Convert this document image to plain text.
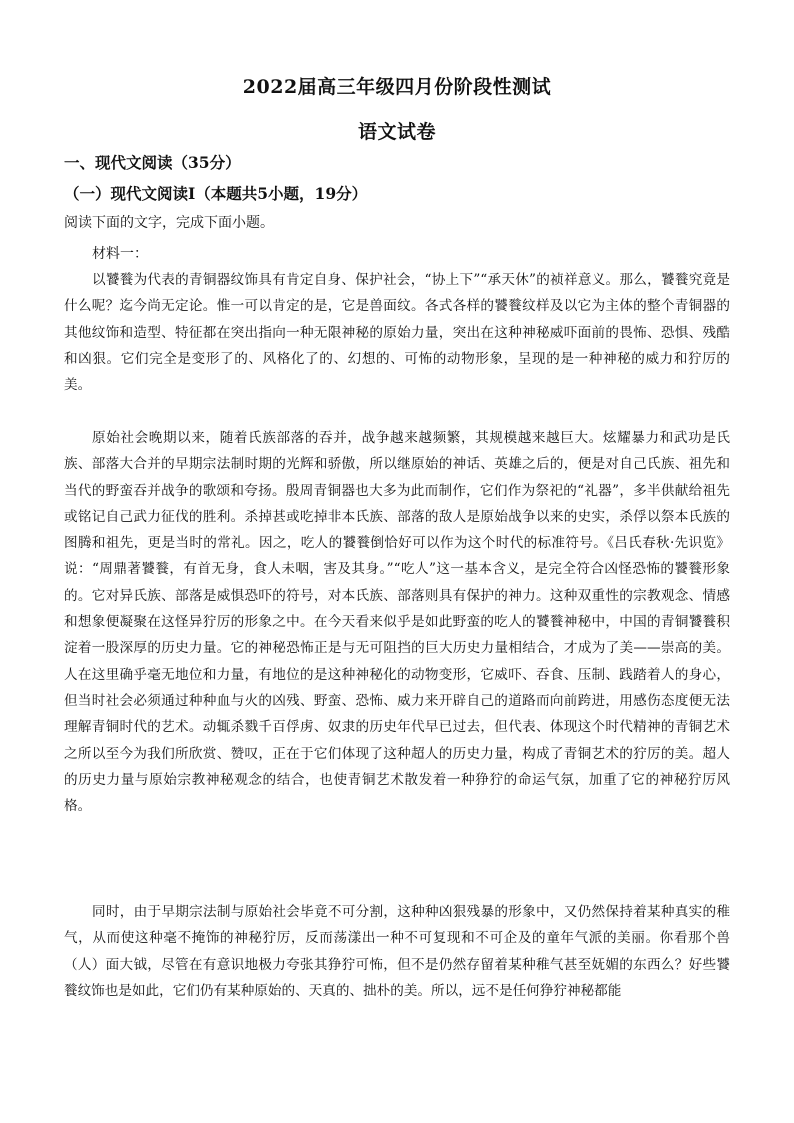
2022届高三年级四月份阶段性测试
语文试卷
一、现代文阅读（35分）
（一）现代文阅读I（本题共5小题，19分）
阅读下面的文字，完成下面小题。
材料一：

以饕餮为代表的青铜器纹饰具有肯定自身、保护社会，“协上下”“承天休”的祯祥意义。那么，饕餮究竟是什么呢？迄今尚无定论。惟一可以肯定的是，它是兽面纹。各式各样的饕餮纹样及以它为主体的整个青铜器的其他纹饰和造型、特征都在突出指向一种无限神秘的原始力量，突出在这种神秘威吓面前的畏怖、恐惧、残酷和凶狠。它们完全是变形了的、风格化了的、幻想的、可怖的动物形象，呈现的是一种神秘的威力和狞厉的美。

原始社会晚期以来，随着氏族部落的吞并，战争越来越频繁，其规模越来越巨大。炫耀暴力和武功是氏族、部落大合并的早期宗法制时期的光辉和骄傲，所以继原始的神话、英雄之后的，便是对自己氏族、祖先和当代的野蛮吞并战争的歌颂和夸扬。殷周青铜器也大多为此而制作，它们作为祭祀的“礼器”，多半供献给祖先或铭记自己武力征伐的胜利。杀掉甚或吃掉非本氏族、部落的敌人是原始战争以来的史实，杀俘以祭本氏族的图腾和祖先，更是当时的常礼。因之，吃人的饕餮倒恰好可以作为这个时代的标准符号。《吕氏春秋·先识览》说：“周鼎著饕餮，有首无身，食人未咽，害及其身。”“吃人”这一基本含义，是完全符合凶怪恐怖的饕餮形象的。它对异氏族、部落是威惧恐吓的符号，对本氏族、部落则具有保护的神力。这种双重性的宗教观念、情感和想象便凝聚在这怪异狞厉的形象之中。在今天看来似乎是如此野蛮的吃人的饕餮神秘中，中国的青铜饕餮积淀着一股深厚的历史力量。它的神秘恐怖正是与无可阻挡的巨大历史力量相结合，才成为了美——崇高的美。人在这里确乎毫无地位和力量，有地位的是这种神秘化的动物变形，它威吓、吞食、压制、践踏着人的身心，但当时社会必须通过种种血与火的凶残、野蛮、恐怖、威力来开辟自己的道路而向前跨进，用感伤态度便无法理解青铜时代的艺术。动辄杀戮千百俘虏、奴隶的历史年代早已过去，但代表、体现这个时代精神的青铜艺术之所以至今为我们所欣赏、赞叹，正在于它们体现了这种超人的历史力量，构成了青铜艺术的狞厉的美。超人的历史力量与原始宗教神秘观念的结合，也使青铜艺术散发着一种狰狞的命运气氛，加重了它的神秘狞厉风格。

同时，由于早期宗法制与原始社会毕竟不可分割，这种种凶狠残暴的形象中，又仍然保持着某种真实的稚气，从而使这种毫不掩饰的神秘狞厉，反而荡漾出一种不可复现和不可企及的童年气派的美丽。你看那个兽（人）面大钺，尽管在有意识地极力夸张其狰狞可怖，但不是仍然存留着某种稚气甚至妩媚的东西么？好些饕餮纹饰也是如此，它们仍有某种原始的、天真的、拙朴的美。所以，远不是任何狰狞神秘都能
